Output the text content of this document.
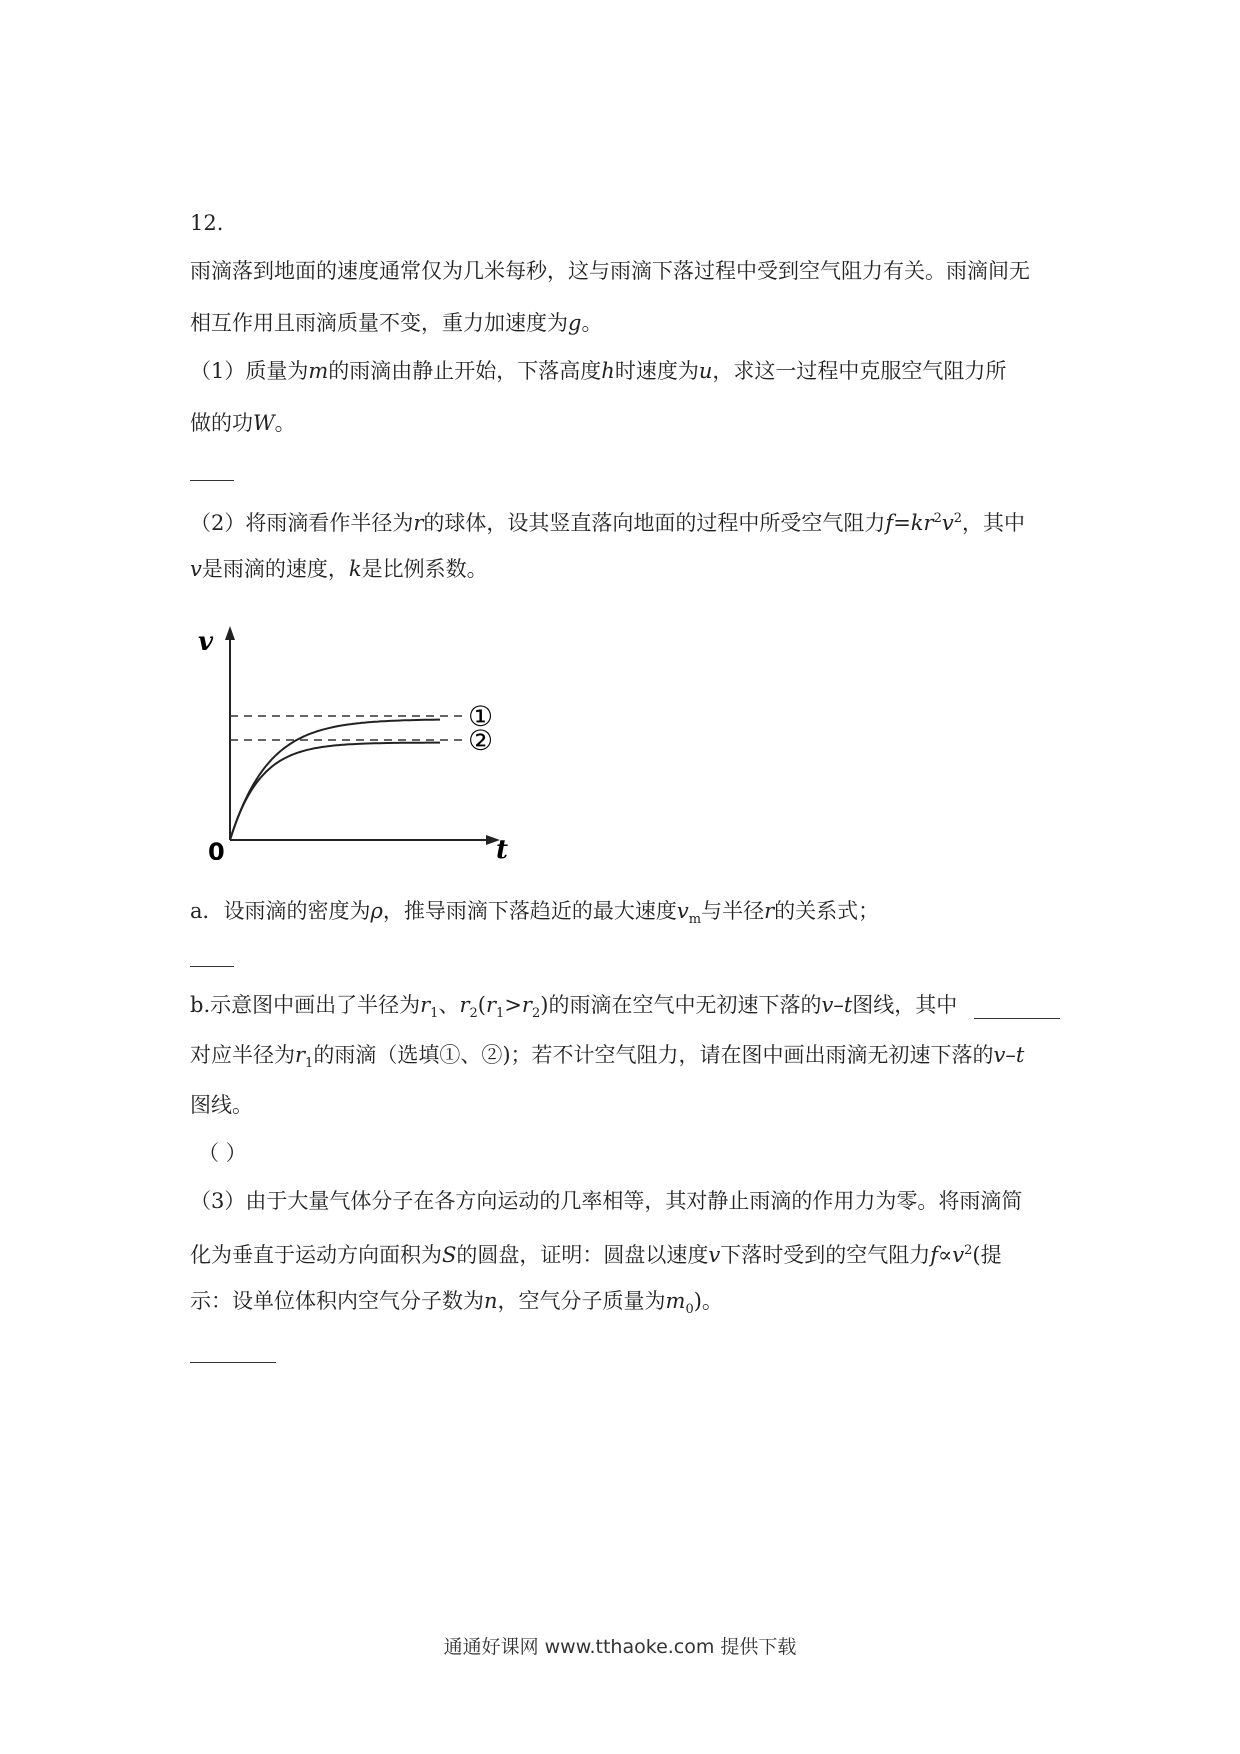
12.
雨滴落到地面的速度通常仅为几米每秒，这与雨滴下落过程中受到空气阻力有关。雨滴间无
相互作用且雨滴质量不变，重力加速度为g。
（1）质量为m的雨滴由静止开始，下落高度h时速度为u，求这一过程中克服空气阻力所
做的功W。
（2）将雨滴看作半径为r的球体，设其竖直落向地面的过程中所受空气阻力$f=kr^2v^2$，其中
v是雨滴的速度，k是比例系数。
v
t
0
①
②
a．设雨滴的密度为ρ，推导雨滴下落趋近的最大速度$v_m$与半径r的关系式；
b.示意图中画出了半径为$r_1$、$r_2(r_1>r_2)$的雨滴在空气中无初速下落的v–t图线，其中
对应半径为$r_1$的雨滴（选填①、②)；若不计空气阻力，请在图中画出雨滴无初速下落的v–t
图线。
（ ）
（3）由于大量气体分子在各方向运动的几率相等，其对静止雨滴的作用力为零。将雨滴简
化为垂直于运动方向面积为S的圆盘，证明：圆盘以速度v下落时受到的空气阻力$f\propto v^2$(提
示：设单位体积内空气分子数为n，空气分子质量为$m_0$)。
通通好课网 www.tthaoke.com 提供下载
